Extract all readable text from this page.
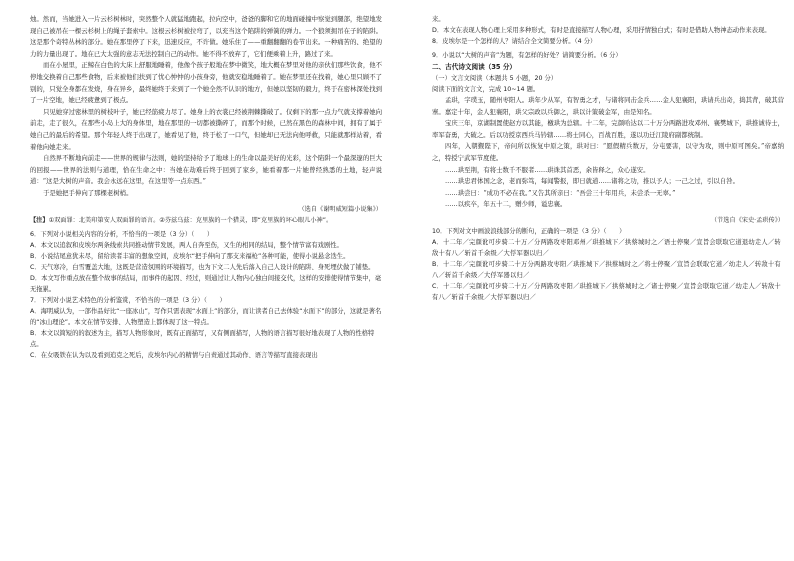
烛。然而，当她进入一片云杉树林时，突然整个人就猛地跑起，拉向空中，爸爸的脚和它的地面碰撞中察觉到腿部，绝望地发现自己被吊在一棵云杉树上的绳子套索中。这根云杉树被拉弯了，以充当这个陷阱的弹簧的弹力。一个狼须拥吊在子的陷阱。这是那个奇特丛林的部分。她在那里停了下来，迅速反应，不许做。她乐住了——重翻翻翻的卷节出来。一种痛苦的、绝望的力的力量出现了。地在已大太强的意志无法控制自己的动作。她不得不放弃了，它们便乘着上升，路过了来。

而在小屋里，正鲸在白色的大床上舒服地睡着，他像个孩子般地在梦中微笑，地大概在梦里对他的亲伙们那些饮食，他不停地交换着自己那些食物，后来被他们扶到了忧心忡忡的小孩身旁，他就安稳地睡着了。她在梦里还在找着，她心里只顾不了别的，只觉全身都在发烧，身在异乡，最终她终于来到了一个她全然不认识的地方，但她以坚韧的毅力，终于在密林深处找到了一片空地，她已经疲惫到了极点。

只见她穿过密林里的树枝叶子，她已经筋疲力尽了。她身上的衣裳已经被荆棘撕破了。仅剩下的那一点力气就支撑着她向前走，走了很久，在那些小岛上大的身体里，地在那里的一切都被撕碎了，而那个时候，已然在黑色的森林中间，拥有了属于她自己的最后的希望。那个年轻人终于出现了，她看见了他，终于松了一口气，但她却已无法向他呼救，只能就那样站着，看着他向她走来。

自然界不断地向前走——世界的规律与法则，她的坚持给予了地球上的生命以最美好的光彩，这个陷阱一个最深邃的巨大的回报——世界的法则与道理，恰在生命之中：当她在劫难后终于回到了家乡，她看着那一片她曾经熟悉的土地，轻声说道：“这是大树的声音。我会永远在这里，在这里等一点东西。”

于是她把手伸向了那棵老树梢。

（选自《谢明威短篇小说集》）
【注】①双面罪：北美印第安人双面罪的语言。②芬兹乌兹：克里族的一个猎灵，即“克里族的坏心眼儿小神”。
6．下列对小说相关内容的分析，不恰当的一项是（3 分）（　　）
A．本文以追叙和皮埃尔两条线索共同推动情节发展，两人自奔至伤，又生的相同的结局，整个情节富有戏剧性。
B．小说结尾意犹未尽，留给读者丰富的想象空间，皮埃尔“把手伸向了那支来福枪”各种可能，使得小说悬念迭生。
C．天气寒冷，白雪覆盖大地，这既是营造氛围的环境描写，也为下文二人先后落入自己人设计的陷阱、身死埋伏做了铺垫。
D．本文写作重点放在整个故事的结局，而事件的起因、经过，则通过让人物内心独白间接交代，这样的安排使得情节集中，毫无拖累。
7．下列对小说艺术特色的分析鉴赏，不恰当的一项是（3 分）（　　）
A．海明威认为，一部作品好比“一座冰山”，写作只需表现“水面上”的部分，而让读者自己去体验“水面下”的部分，这就是著名的“冰山理论”。本文在情节安排、人物塑造上都体现了这一特点。
B．本文以简短的的叙述为主，描写人物形象时，既有正面描写，又有侧面描写，人物的语言描写很好地表现了人物的性格特点。
C．在女吸铁在认为以及看到追克之死后，皮埃尔内心的精情与自责通过其动作、语言等描写直接表现出
来。
D．本文在表现人物心理上采用多种形式，有时是直接描写人物心理，采用抒情独白式；有时是借助人物神态动作来表现。
8．皮埃尔是一个怎样的人？请结合全文简要分析。（4 分）
9．小说以“大树的声音”为题，有怎样的好处？请简要分析。（6 分）
二、古代诗文阅读（35 分）
（一）文言文阅读（本题共 5 小题，20 分）
阅读下面的文言文，完成 10~14 题。

孟珙，字璞玉，随州枣阳人。珙年少从军，有智勇之才，与诸将同击金兵……金人犯襄阳，珙请兵出奇，捣其背，破其营寨。嘉定十年，金人犯襄阳，珙父宗政以兵御之，珙以计策破金军，由是知名。

宝庆三年，京湖制置使赵方以其能，檄珙为总辖。十二年，完颜哈达以二十万分两路进攻邓州、襄樊城下，珙推诚待士，率军奋勇，大破之。后以功授京西兵马钤辖……将士同心，百战百胜，遂以功迁江陵府副都统制。

四年，入朝觐陛下，帝问所以恢复中原之策，珙对曰：“愿假精兵数万，分屯要害，以守为攻，则中原可图矣。”帝嘉纳之，特授宁武军节度使。

……珙至荆，有将士数千不服者……珙诛其首恶，余皆释之，众心遂安。

……珙忠君体国之念，老而弥笃，每闻警报，即日就道……诸将之功，推以予人；一己之过，引以自咎。

……珙尝曰：“成功不必在我。”又告其所亲曰：“吾尝三十年用兵，未尝杀一无辜。”

……以疾卒，年五十二，赠少师，谥忠襄。

（节选自《宋史·孟珙传》）
10．下列对文中画波浪线部分的断句，正确的一项是（3 分）（　　）
A．十二年／完颜讹可步骑二十万／分两路攻枣阳邓州／珙推城下／拱蔡城时之／语士停聚／宣旨会联取它道退幼走人／转敌十有八／斩首千余级／大俘军器以归／
B．十二年／完颜讹可步骑二十万分两路攻枣阳／珙推城下／拱蔡城时之／将士停聚／宣旨会联取它道／幼走人／转敌十有八／斩首千余级／大俘军器以归／
C．十二年／完颜讹可步骑二十万／分两路攻枣阳／珙推城下／拱蔡城时之／诸士停聚／宣旨会联取它道／幼走人／转敌十有八／斩首千余级／大俘军器以归／
